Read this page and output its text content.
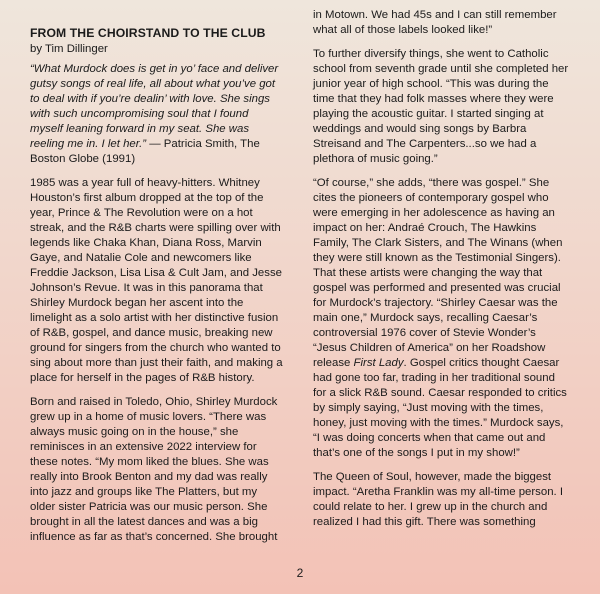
FROM THE CHOIRSTAND TO THE CLUB
by Tim Dillinger

“What Murdock does is get in yo’ face and deliver gutsy songs of real life, all about what you’ve got to deal with if you’re dealin’ with love. She sings with such uncompromising soul that I found myself leaning forward in my seat. She was reeling me in. I let her.” — Patricia Smith, The Boston Globe (1991)

1985 was a year full of heavy-hitters. Whitney Houston’s first album dropped at the top of the year, Prince & The Revolution were on a hot streak, and the R&B charts were spilling over with legends like Chaka Khan, Diana Ross, Marvin Gaye, and Natalie Cole and newcomers like Freddie Jackson, Lisa Lisa & Cult Jam, and Jesse Johnson’s Revue. It was in this panorama that Shirley Murdock began her ascent into the limelight as a solo artist with her distinctive fusion of R&B, gospel, and dance music, breaking new ground for singers from the church who wanted to sing about more than just their faith, and making a place for herself in the pages of R&B history.

Born and raised in Toledo, Ohio, Shirley Murdock grew up in a home of music lovers. “There was always music going on in the house,” she reminisces in an extensive 2022 interview for these notes. “My mom liked the blues. She was really into Brook Benton and my dad was really into jazz and groups like The Platters, but my older sister Patricia was our music person. She brought in all the latest dances and was a big influence as far as that’s concerned. She brought

in Motown. We had 45s and I can still remember what all of those labels looked like!”

To further diversify things, she went to Catholic school from seventh grade until she completed her junior year of high school. “This was during the time that they had folk masses where they were playing the acoustic guitar. I started singing at weddings and would sing songs by Barbra Streisand and The Carpenters...so we had a plethora of music going.”

“Of course,” she adds, “there was gospel.” She cites the pioneers of contemporary gospel who were emerging in her adolescence as having an impact on her: Andraé Crouch, The Hawkins Family, The Clark Sisters, and The Winans (when they were still known as the Testimonial Singers). That these artists were changing the way that gospel was performed and presented was crucial for Murdock’s trajectory. “Shirley Caesar was the main one,” Murdock says, recalling Caesar’s controversial 1976 cover of Stevie Wonder’s “Jesus Children of America” on her Roadshow release First Lady. Gospel critics thought Caesar had gone too far, trading in her traditional sound for a slick R&B sound. Caesar responded to critics by simply saying, “Just moving with the times, honey, just moving with the times.” Murdock says, “I was doing concerts when that came out and that’s one of the songs I put in my show!”

The Queen of Soul, however, made the biggest impact. “Aretha Franklin was my all-time person. I could relate to her. I grew up in the church and realized I had this gift. There was something

2
